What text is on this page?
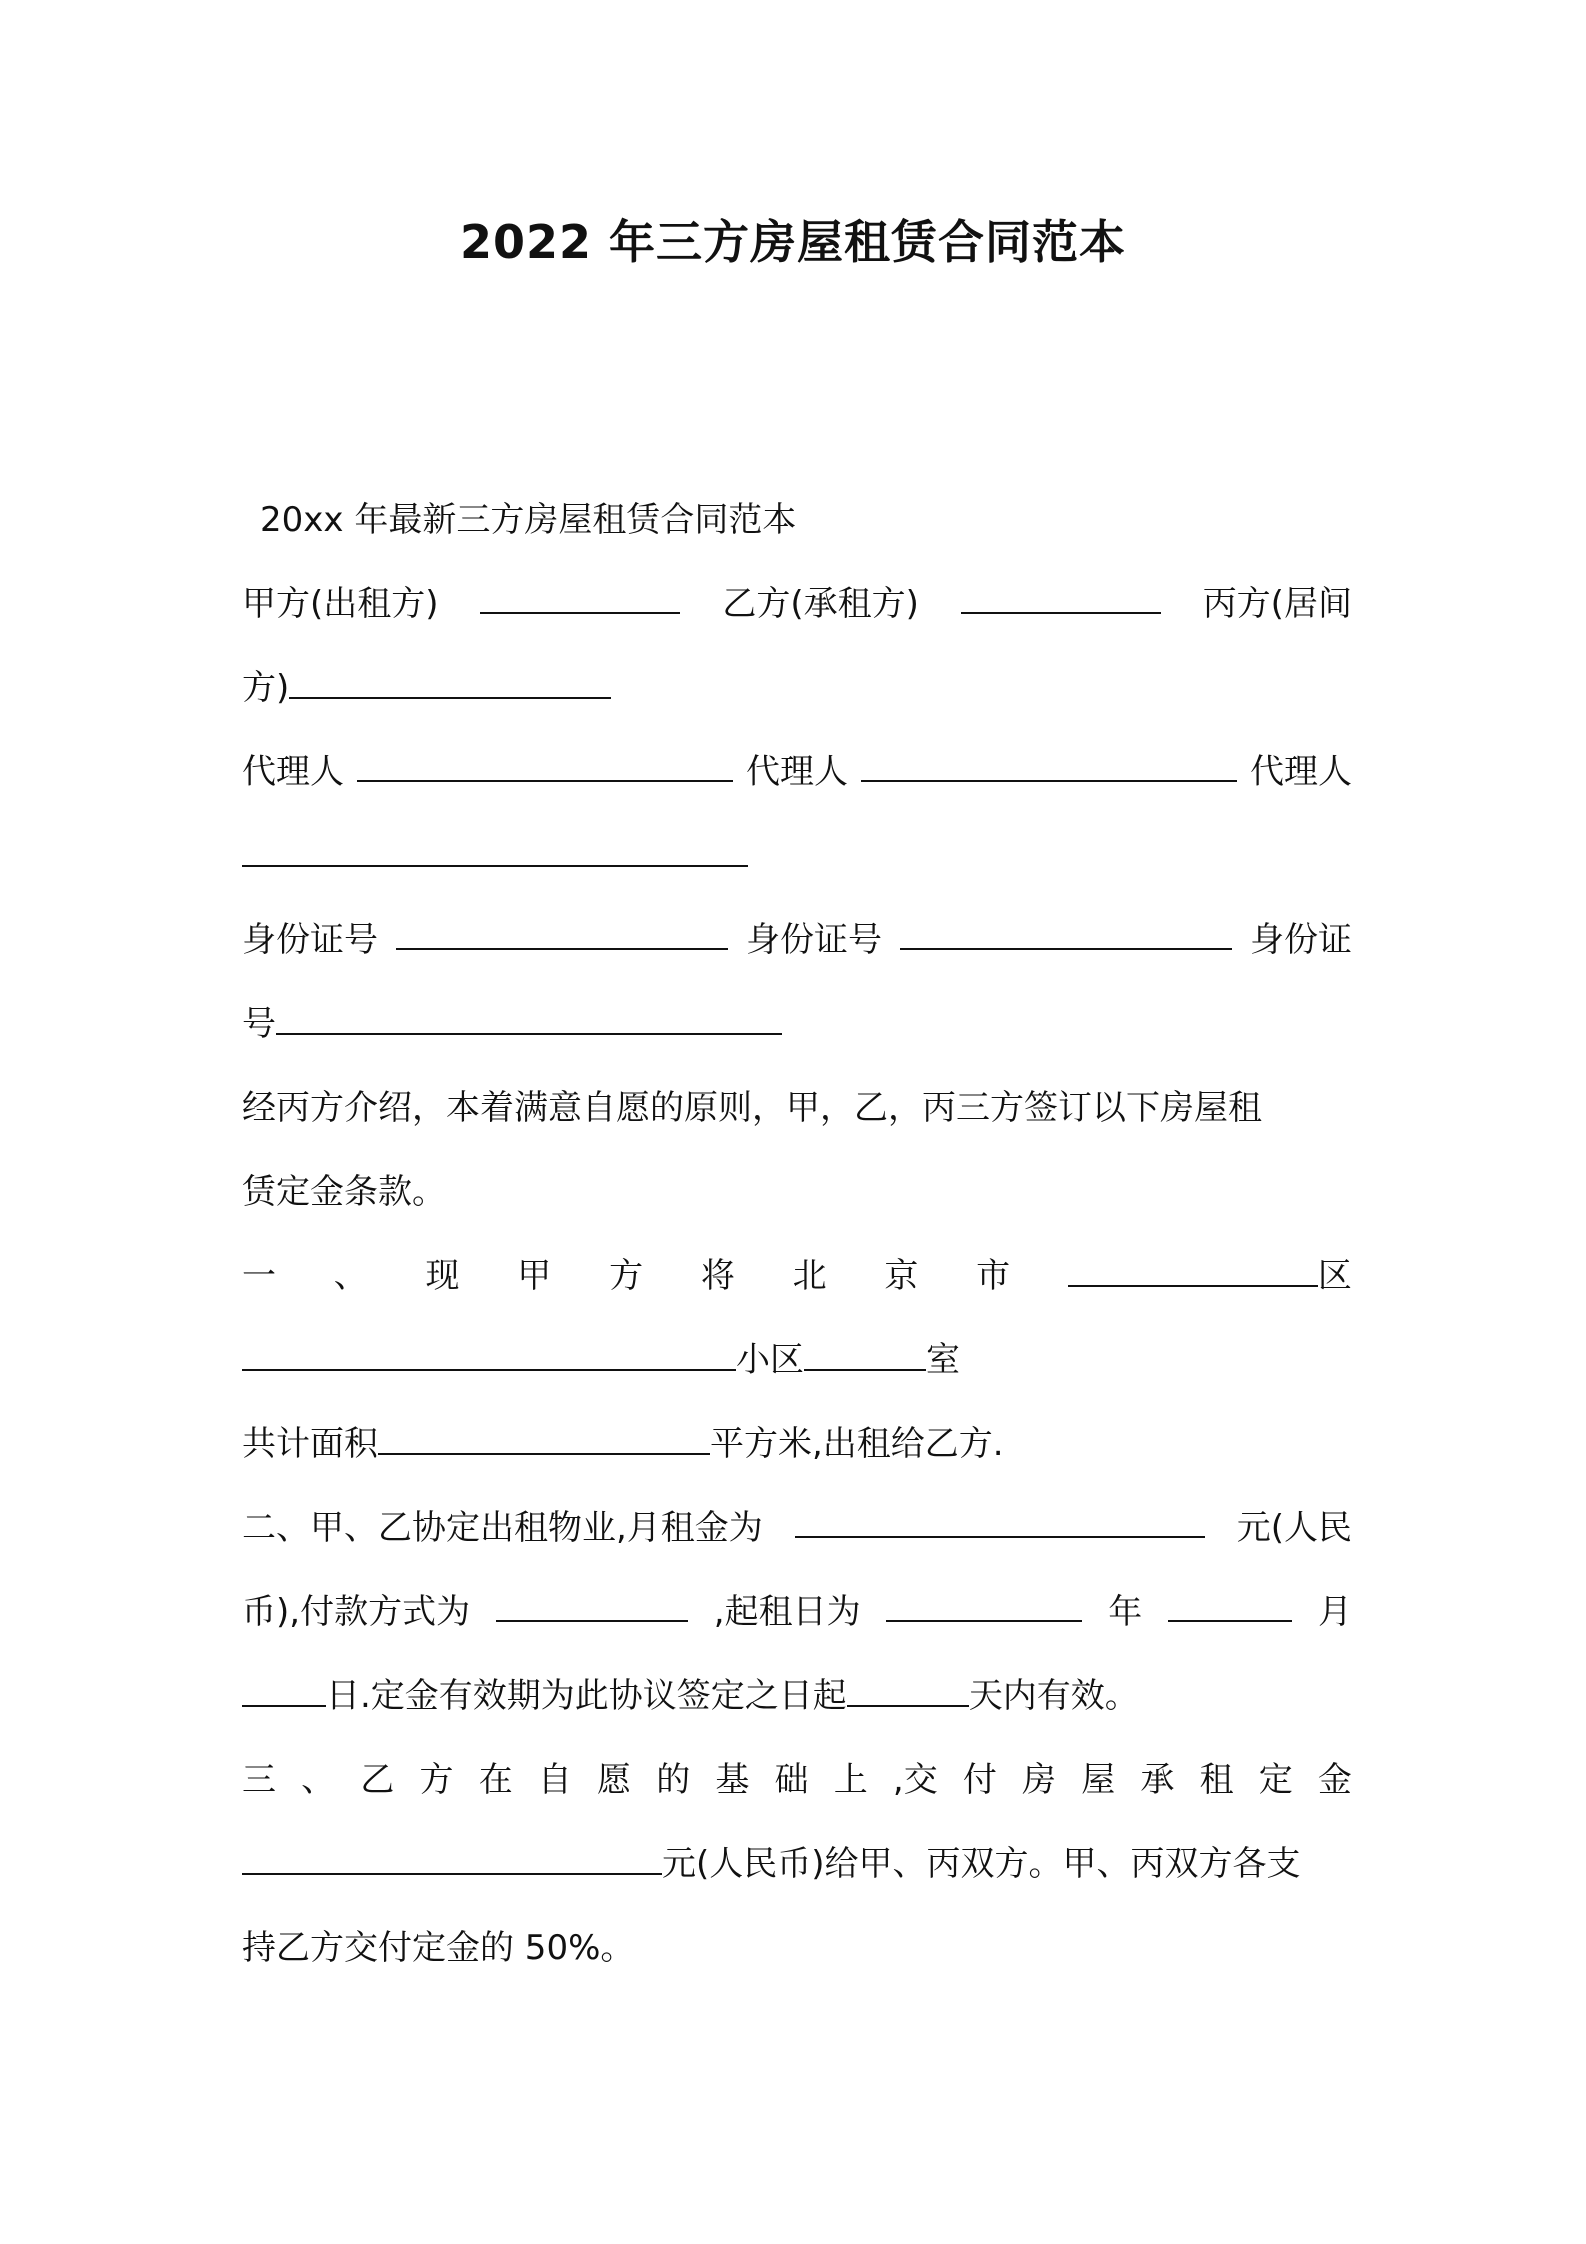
2022 年三方房屋租赁合同范本
20xx 年最新三方房屋租赁合同范本
甲方(出租方)	乙方(承租方)	丙方(居间
方)
代理人	代理人	代理人
身份证号	身份证号	身份证
号
经丙方介绍，本着满意自愿的原则，甲，乙，丙三方签订以下房屋租
赁定金条款。
一 、 现 甲 方 将 北 京 市	区
小区	室
共计面积	平方米,出租给乙方.
二、甲、乙协定出租物业,月租金为	元(人民
币),付款方式为	,起租日为	年	月
日.定金有效期为此协议签定之日起	天内有效。
三 、 乙 方 在 自 愿 的 基 础 上 ,交 付 房 屋 承 租 定 金
元(人民币)给甲、丙双方。甲、丙双方各支
持乙方交付定金的 50%。
